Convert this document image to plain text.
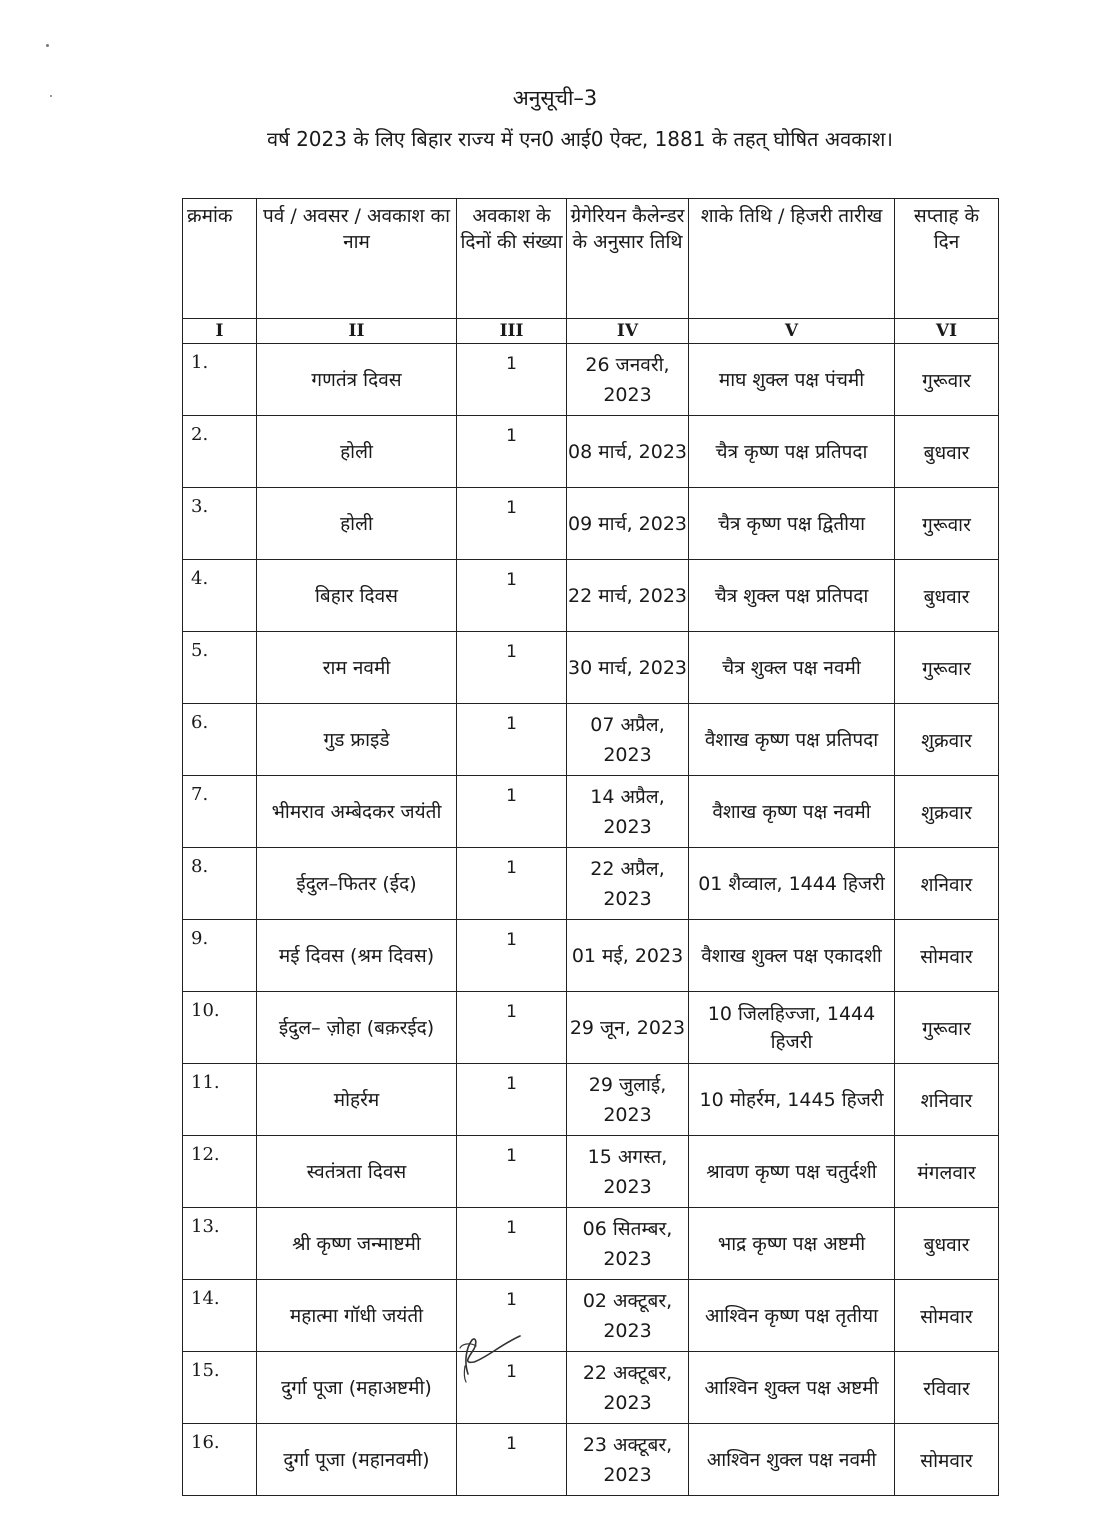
अनुसूची–3
वर्ष 2023 के लिए बिहार राज्य में एन0 आई0 ऐक्ट, 1881 के तहत् घोषित अवकाश।
क्रमांक	पर्व / अवसर / अवकाश का नाम	अवकाश के दिनों की संख्या	ग्रेगेरियन कैलेन्डर के अनुसार तिथि	शाके तिथि / हिजरी तारीख	सप्ताह के दिन
I	II	III	IV	V	VI
1.	गणतंत्र दिवस	1	26 जनवरी, 2023	माघ शुक्ल पक्ष पंचमी	गुरूवार
2.	होली	1	08 मार्च, 2023	चैत्र कृष्ण पक्ष प्रतिपदा	बुधवार
3.	होली	1	09 मार्च, 2023	चैत्र कृष्ण पक्ष द्वितीया	गुरूवार
4.	बिहार दिवस	1	22 मार्च, 2023	चैत्र शुक्ल पक्ष प्रतिपदा	बुधवार
5.	राम नवमी	1	30 मार्च, 2023	चैत्र शुक्ल पक्ष नवमी	गुरूवार
6.	गुड फ्राइडे	1	07 अप्रैल, 2023	वैशाख कृष्ण पक्ष प्रतिपदा	शुक्रवार
7.	भीमराव अम्बेदकर जयंती	1	14 अप्रैल, 2023	वैशाख कृष्ण पक्ष नवमी	शुक्रवार
8.	ईदुल–फितर (ईद)	1	22 अप्रैल, 2023	01 शैव्वाल, 1444 हिजरी	शनिवार
9.	मई दिवस (श्रम दिवस)	1	01 मई, 2023	वैशाख शुक्ल पक्ष एकादशी	सोमवार
10.	ईदुल– ज़ोहा (बक़रईद)	1	29 जून, 2023	10 जिलहिज्जा, 1444 हिजरी	गुरूवार
11.	मोहर्रम	1	29 जुलाई, 2023	10 मोहर्रम, 1445 हिजरी	शनिवार
12.	स्वतंत्रता दिवस	1	15 अगस्त, 2023	श्रावण कृष्ण पक्ष चतुर्दशी	मंगलवार
13.	श्री कृष्ण जन्माष्टमी	1	06 सितम्बर, 2023	भाद्र कृष्ण पक्ष अष्टमी	बुधवार
14.	महात्मा गॉधी जयंती	1	02 अक्टूबर, 2023	आश्विन कृष्ण पक्ष तृतीया	सोमवार
15.	दुर्गा पूजा (महाअष्टमी)	1	22 अक्टूबर, 2023	आश्विन शुक्ल पक्ष अष्टमी	रविवार
16.	दुर्गा पूजा (महानवमी)	1	23 अक्टूबर, 2023	आश्विन शुक्ल पक्ष नवमी	सोमवार
